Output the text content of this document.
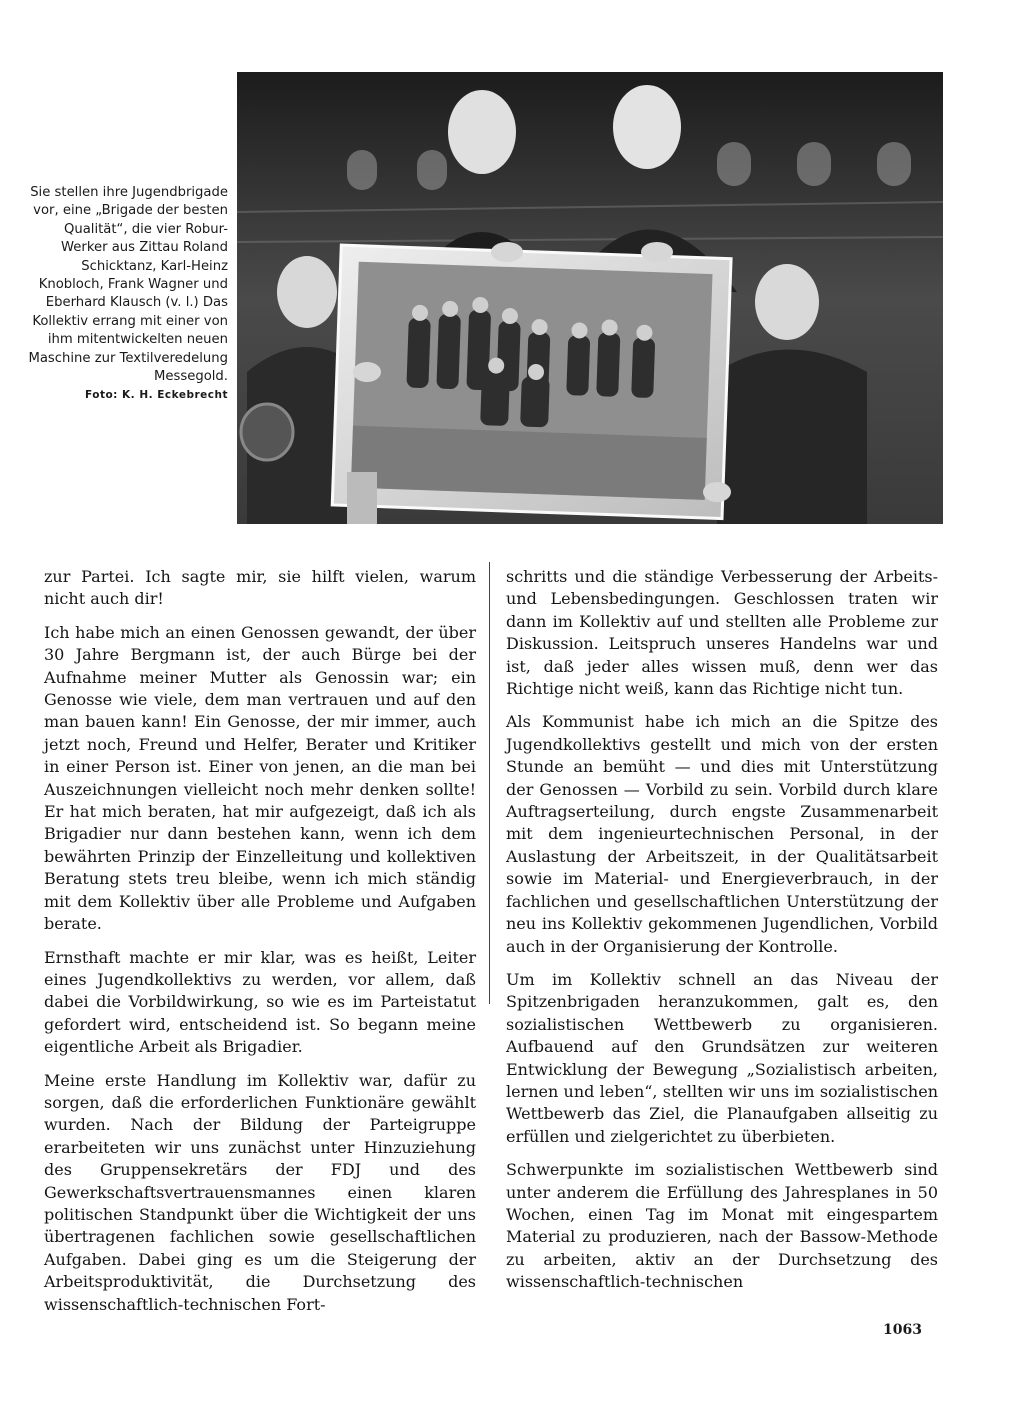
Sie stellen ihre Jugendbrigade vor, eine „Brigade der besten Qualität“, die vier Robur-Werker aus Zittau Roland Schicktanz, Karl-Heinz Knobloch, Frank Wagner und Eberhard Klausch (v. l.) Das Kollektiv errang mit einer von ihm mitentwickelten neuen Maschine zur Textilveredelung Messegold.
Foto: K. H. Eckebrecht

zur Partei. Ich sagte mir, sie hilft vielen, warum nicht auch dir!

Ich habe mich an einen Genossen gewandt, der über 30 Jahre Bergmann ist, der auch Bürge bei der Aufnahme meiner Mutter als Genossin war; ein Genosse wie viele, dem man vertrauen und auf den man bauen kann! Ein Genosse, der mir immer, auch jetzt noch, Freund und Helfer, Berater und Kritiker in einer Person ist. Einer von jenen, an die man bei Auszeichnungen vielleicht noch mehr denken sollte! Er hat mich beraten, hat mir aufgezeigt, daß ich als Brigadier nur dann bestehen kann, wenn ich dem bewährten Prinzip der Einzelleitung und kollektiven Beratung stets treu bleibe, wenn ich mich ständig mit dem Kollektiv über alle Probleme und Aufgaben berate.

Ernsthaft machte er mir klar, was es heißt, Leiter eines Jugendkollektivs zu werden, vor allem, daß dabei die Vorbildwirkung, so wie es im Parteistatut gefordert wird, entscheidend ist. So begann meine eigentliche Arbeit als Brigadier.

Meine erste Handlung im Kollektiv war, dafür zu sorgen, daß die erforderlichen Funktionäre gewählt wurden. Nach der Bildung der Parteigruppe erarbeiteten wir uns zunächst unter Hinzuziehung des Gruppensekretärs der FDJ und des Gewerkschaftsvertrauensmannes einen klaren politischen Standpunkt über die Wichtigkeit der uns übertragenen fachlichen sowie gesellschaftlichen Aufgaben. Dabei ging es um die Steigerung der Arbeitsproduktivität, die Durchsetzung des wissenschaftlich-technischen Fort-

schritts und die ständige Verbesserung der Arbeits- und Lebensbedingungen. Geschlossen traten wir dann im Kollektiv auf und stellten alle Probleme zur Diskussion. Leitspruch unseres Handelns war und ist, daß jeder alles wissen muß, denn wer das Richtige nicht weiß, kann das Richtige nicht tun.

Als Kommunist habe ich mich an die Spitze des Jugendkollektivs gestellt und mich von der ersten Stunde an bemüht — und dies mit Unterstützung der Genossen — Vorbild zu sein. Vorbild durch klare Auftragserteilung, durch engste Zusammenarbeit mit dem ingenieurtechnischen Personal, in der Auslastung der Arbeitszeit, in der Qualitätsarbeit sowie im Material- und Energieverbrauch, in der fachlichen und gesellschaftlichen Unterstützung der neu ins Kollektiv gekommenen Jugendlichen, Vorbild auch in der Organisierung der Kontrolle.

Um im Kollektiv schnell an das Niveau der Spitzenbrigaden heranzukommen, galt es, den sozialistischen Wettbewerb zu organisieren. Aufbauend auf den Grundsätzen zur weiteren Entwicklung der Bewegung „Sozialistisch arbeiten, lernen und leben“, stellten wir uns im sozialistischen Wettbewerb das Ziel, die Planaufgaben allseitig zu erfüllen und zielgerichtet zu überbieten.

Schwerpunkte im sozialistischen Wettbewerb sind unter anderem die Erfüllung des Jahresplanes in 50 Wochen, einen Tag im Monat mit eingespartem Material zu produzieren, nach der Bassow-Methode zu arbeiten, aktiv an der Durchsetzung des wissenschaftlich-technischen

1063
